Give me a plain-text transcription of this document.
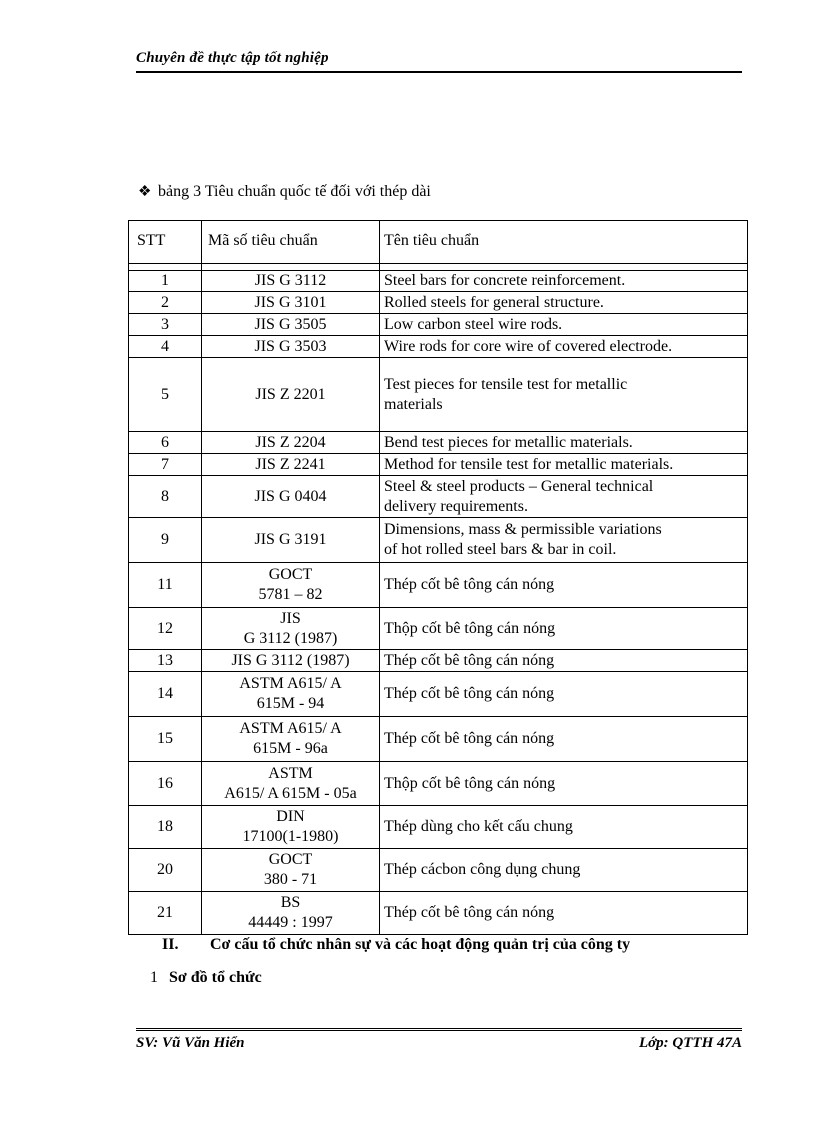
Chuyên đề thực tập tốt nghiệp
❖ bảng 3 Tiêu chuẩn quốc tế đối với thép dài
STT	Mã số tiêu chuẩn	Tên tiêu chuẩn

1	JIS G 3112	Steel bars for concrete reinforcement.

2	JIS G 3101	Rolled steels for general structure.

3	JIS G 3505	Low carbon steel wire rods.

4	JIS G 3503	Wire rods for core wire of covered electrode.

5	JIS Z 2201	Test pieces for tensile test for metallic
materials

6	JIS Z 2204	Bend test pieces for metallic materials.

7	JIS Z 2241	Method for tensile test for metallic materials.

8	JIS G 0404	Steel & steel products – General technical
delivery requirements.

9	JIS G 3191	Dimensions, mass & permissible variations
of hot rolled steel bars & bar in coil.

11	GOCT
5781 – 82	Thép cốt bê tông cán nóng

12	JIS
G 3112 (1987)	Thộp cốt bê tông cán nóng

13	JIS G 3112 (1987)	Thép cốt bê tông cán nóng

14	ASTM A615/ A
615M - 94	Thép cốt bê tông cán nóng

15	ASTM A615/ A
615M - 96a	Thép cốt bê tông cán nóng

16	ASTM
A615/ A 615M - 05a	Thộp cốt bê tông cán nóng

18	DIN
17100(1-1980)	Thép dùng cho kết cấu chung

20	GOCT
380 - 71	Thép cácbon công dụng chung

21	BS
44449 : 1997	Thép cốt bê tông cán nóng
II. Cơ cấu tổ chức nhân sự và các hoạt động quản trị của công ty
1 Sơ đồ tổ chức
SV: Vũ Văn Hiển	Lớp: QTTH 47A
